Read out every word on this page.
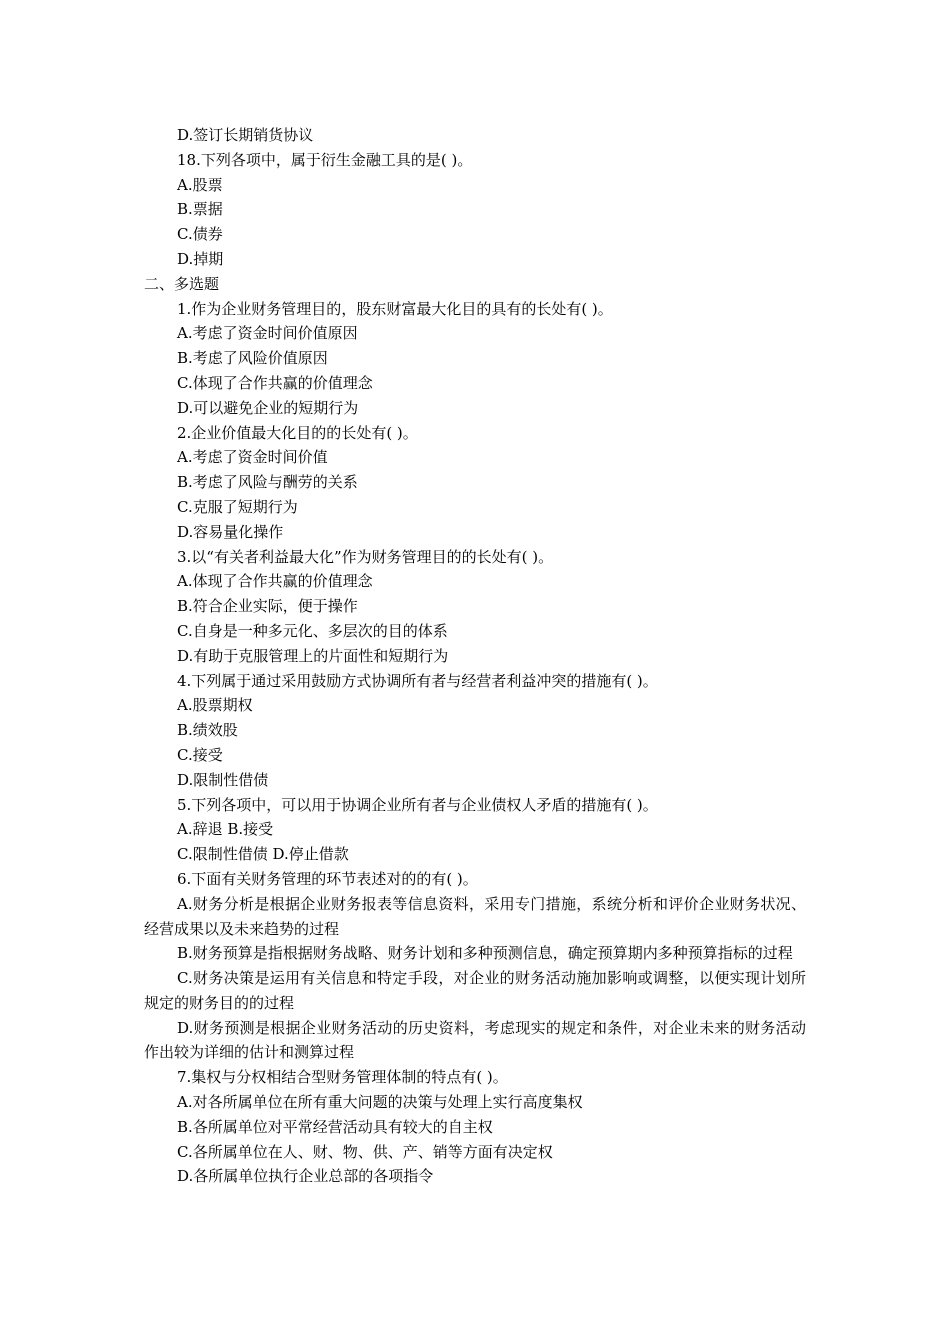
D.签订长期销货协议
18.下列各项中，属于衍生金融工具的是( )。
A.股票
B.票据
C.债券
D.掉期
二、多选题
1.作为企业财务管理目的，股东财富最大化目的具有的长处有( )。
A.考虑了资金时间价值原因
B.考虑了风险价值原因
C.体现了合作共赢的价值理念
D.可以避免企业的短期行为
2.企业价值最大化目的的长处有( )。
A.考虑了资金时间价值
B.考虑了风险与酬劳的关系
C.克服了短期行为
D.容易量化操作
3.以“有关者利益最大化”作为财务管理目的的长处有( )。
A.体现了合作共赢的价值理念
B.符合企业实际，便于操作
C.自身是一种多元化、多层次的目的体系
D.有助于克服管理上的片面性和短期行为
4.下列属于通过采用鼓励方式协调所有者与经营者利益冲突的措施有( )。
A.股票期权
B.绩效股
C.接受
D.限制性借债
5.下列各项中，可以用于协调企业所有者与企业债权人矛盾的措施有( )。
A.辞退 B.接受
C.限制性借债 D.停止借款
6.下面有关财务管理的环节表述对的的有( )。

A.财务分析是根据企业财务报表等信息资料，采用专门措施，系统分析和评价企业财务状况、经营成果以及未来趋势的过程

B.财务预算是指根据财务战略、财务计划和多种预测信息，确定预算期内多种预算指标的过程

C.财务决策是运用有关信息和特定手段，对企业的财务活动施加影响或调整，以便实现计划所规定的财务目的的过程

D.财务预测是根据企业财务活动的历史资料，考虑现实的规定和条件，对企业未来的财务活动作出较为详细的估计和测算过程

7.集权与分权相结合型财务管理体制的特点有( )。
A.对各所属单位在所有重大问题的决策与处理上实行高度集权
B.各所属单位对平常经营活动具有较大的自主权
C.各所属单位在人、财、物、供、产、销等方面有决定权
D.各所属单位执行企业总部的各项指令
